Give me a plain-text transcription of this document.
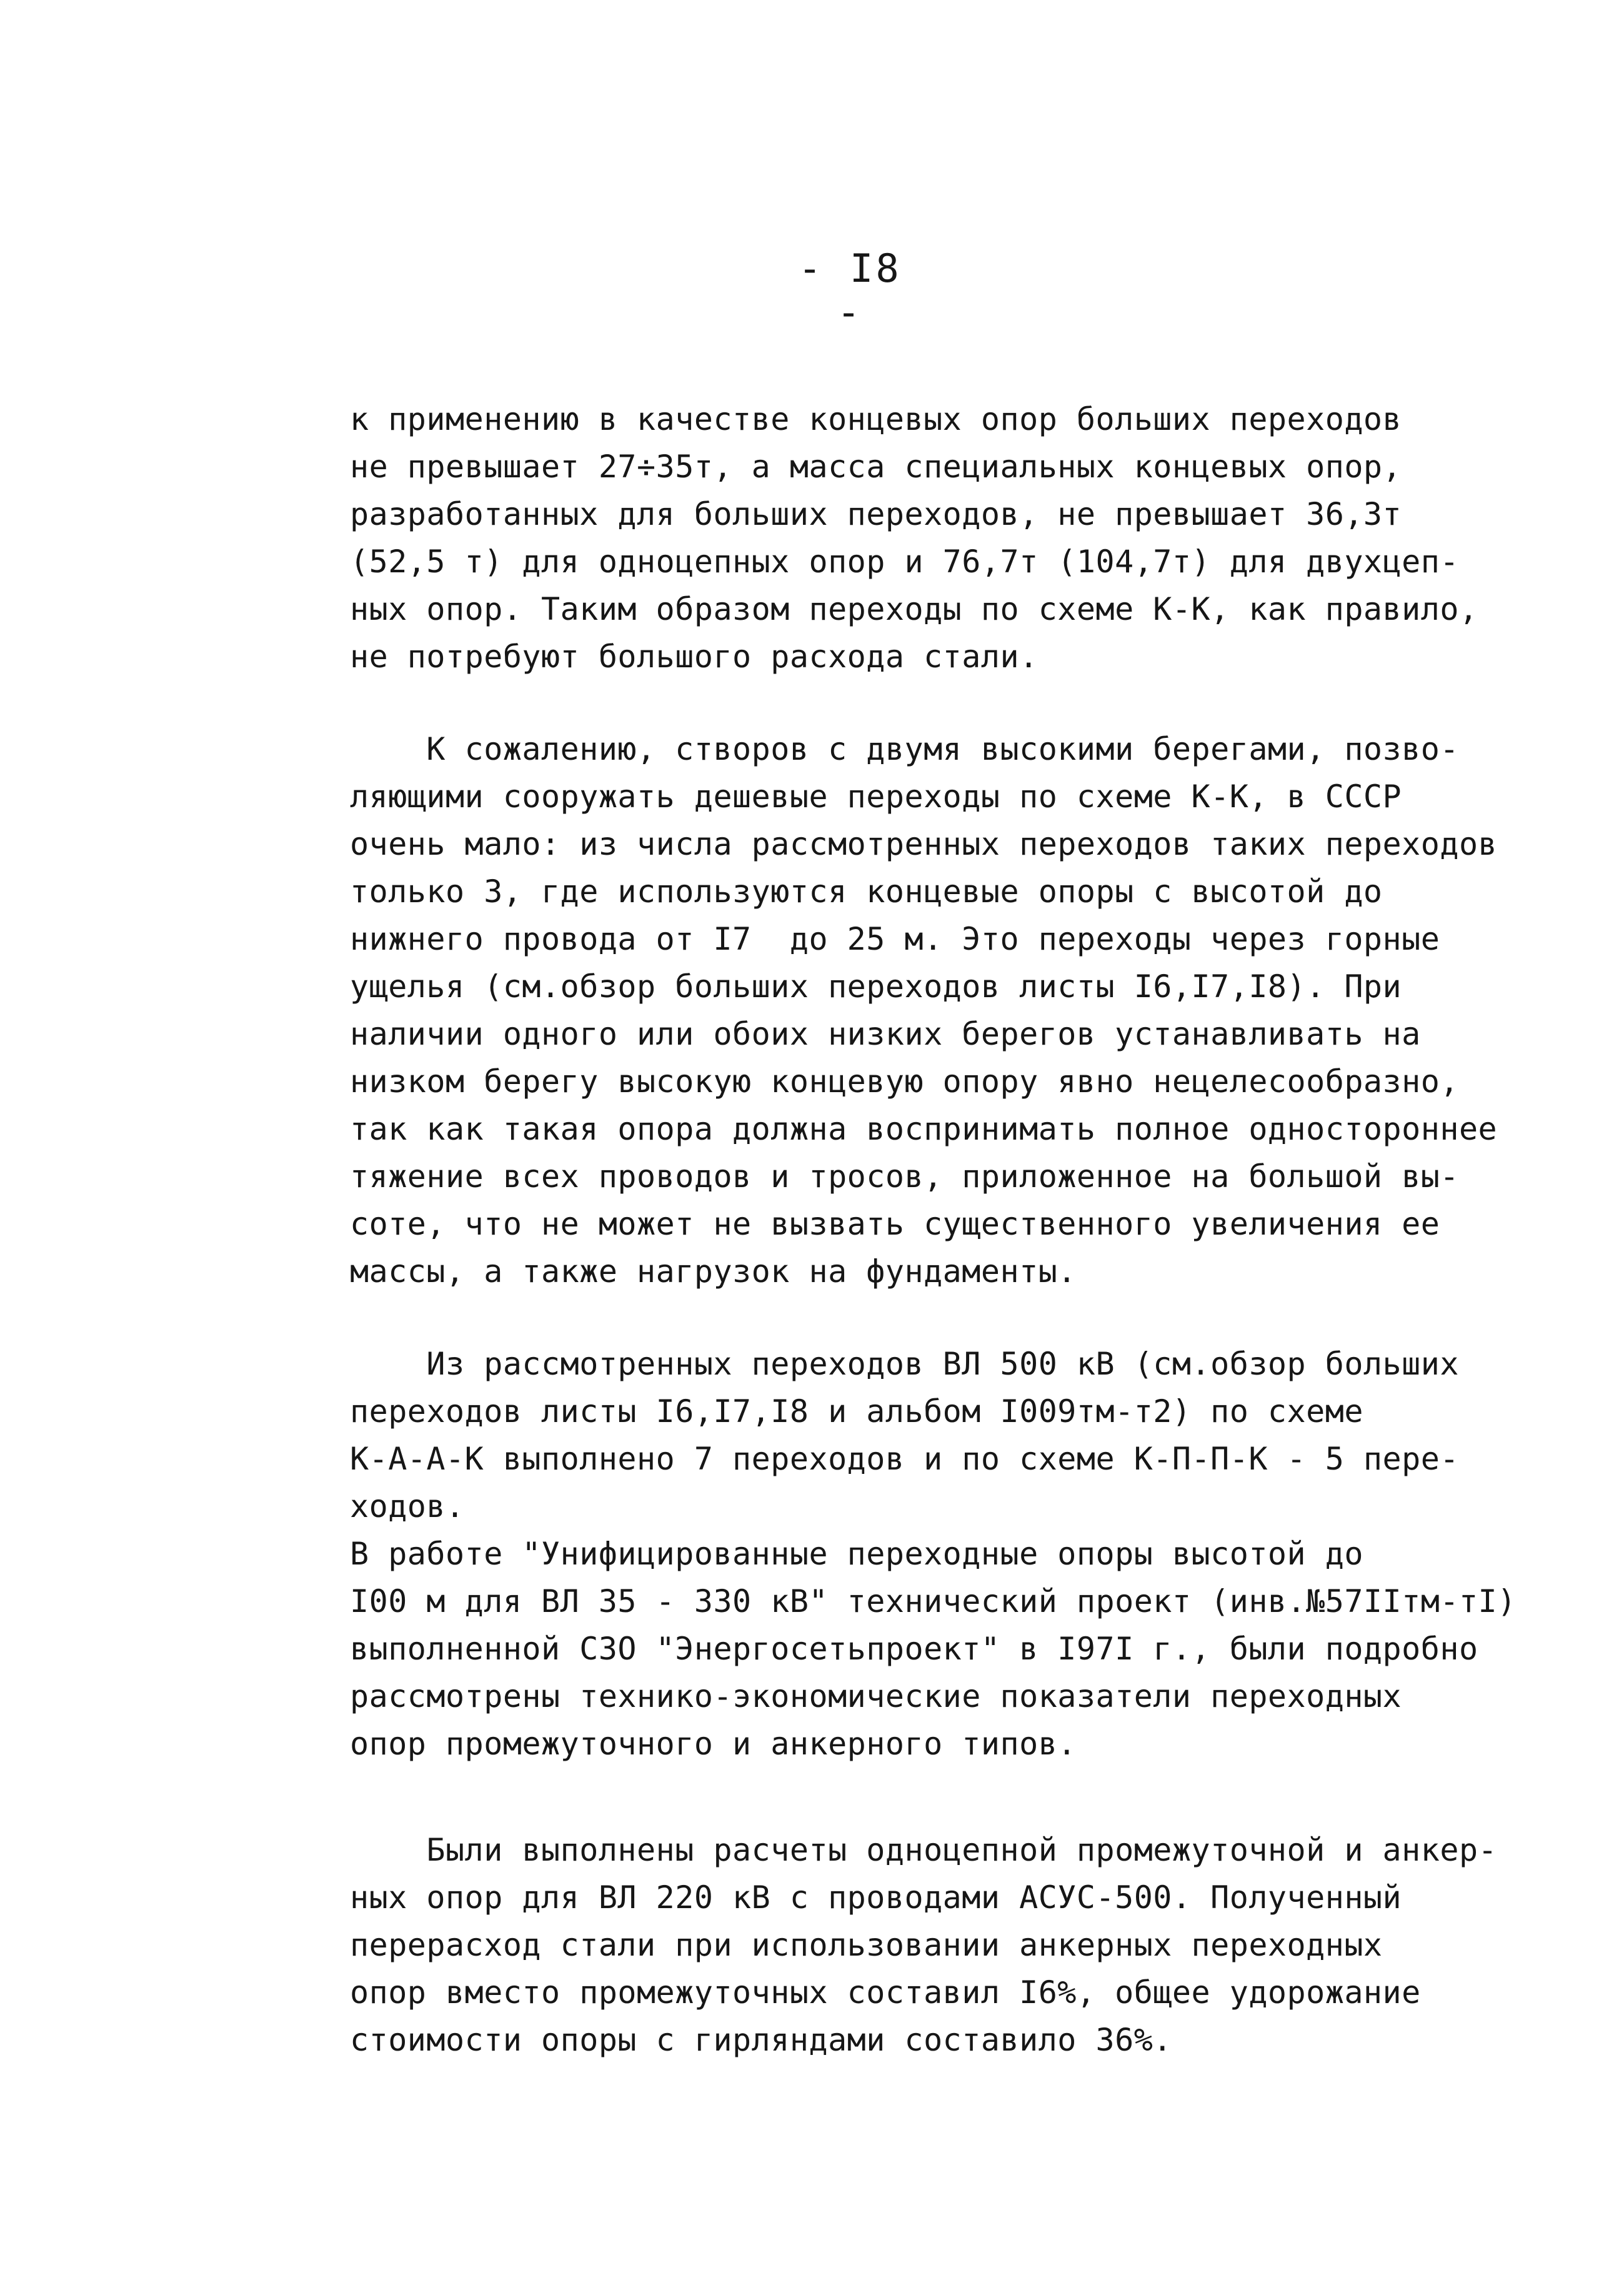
- I8 -
к применению в качестве концевых опор больших переходов
не превышает 27÷35т, а масса специальных концевых опор,
разработанных для больших переходов, не превышает 36,3т
(52,5 т) для одноцепных опор и 76,7т (104,7т) для двухцеп-
ных опор. Таким образом переходы по схеме К-К, как правило,
не потребуют большого расхода стали.
К сожалению, створов с двумя высокими берегами, позво-
ляющими сооружать дешевые переходы по схеме К-К, в СССР
очень мало: из числа рассмотренных переходов таких переходов
только 3, где используются концевые опоры с высотой до
нижнего провода от I7  до 25 м. Это переходы через горные
ущелья (см.обзор больших переходов листы I6,I7,I8). При
наличии одного или обоих низких берегов устанавливать на
низком берегу высокую концевую опору явно нецелесообразно,
так как такая опора должна воспринимать полное одностороннее
тяжение всех проводов и тросов, приложенное на большой вы-
соте, что не может не вызвать существенного увеличения ее
массы, а также нагрузок на фундаменты.
Из рассмотренных переходов ВЛ 500 кВ (см.обзор больших
переходов листы I6,I7,I8 и альбом I009тм-т2) по схеме
К-А-А-К выполнено 7 переходов и по схеме К-П-П-К - 5 пере-
ходов.
В работе "Унифицированные переходные опоры высотой до
I00 м для ВЛ 35 - 330 кВ" технический проект (инв.№57IIтм-тI)
выполненной СЗО "Энергосетьпроект" в I97I г., были подробно
рассмотрены технико-экономические показатели переходных
опор промежуточного и анкерного типов.
Были выполнены расчеты одноцепной промежуточной и анкер-
ных опор для ВЛ 220 кВ с проводами АСУС-500. Полученный
перерасход стали при использовании анкерных переходных
опор вместо промежуточных составил I6%, общее удорожание
стоимости опоры с гирляндами составило 36%.
